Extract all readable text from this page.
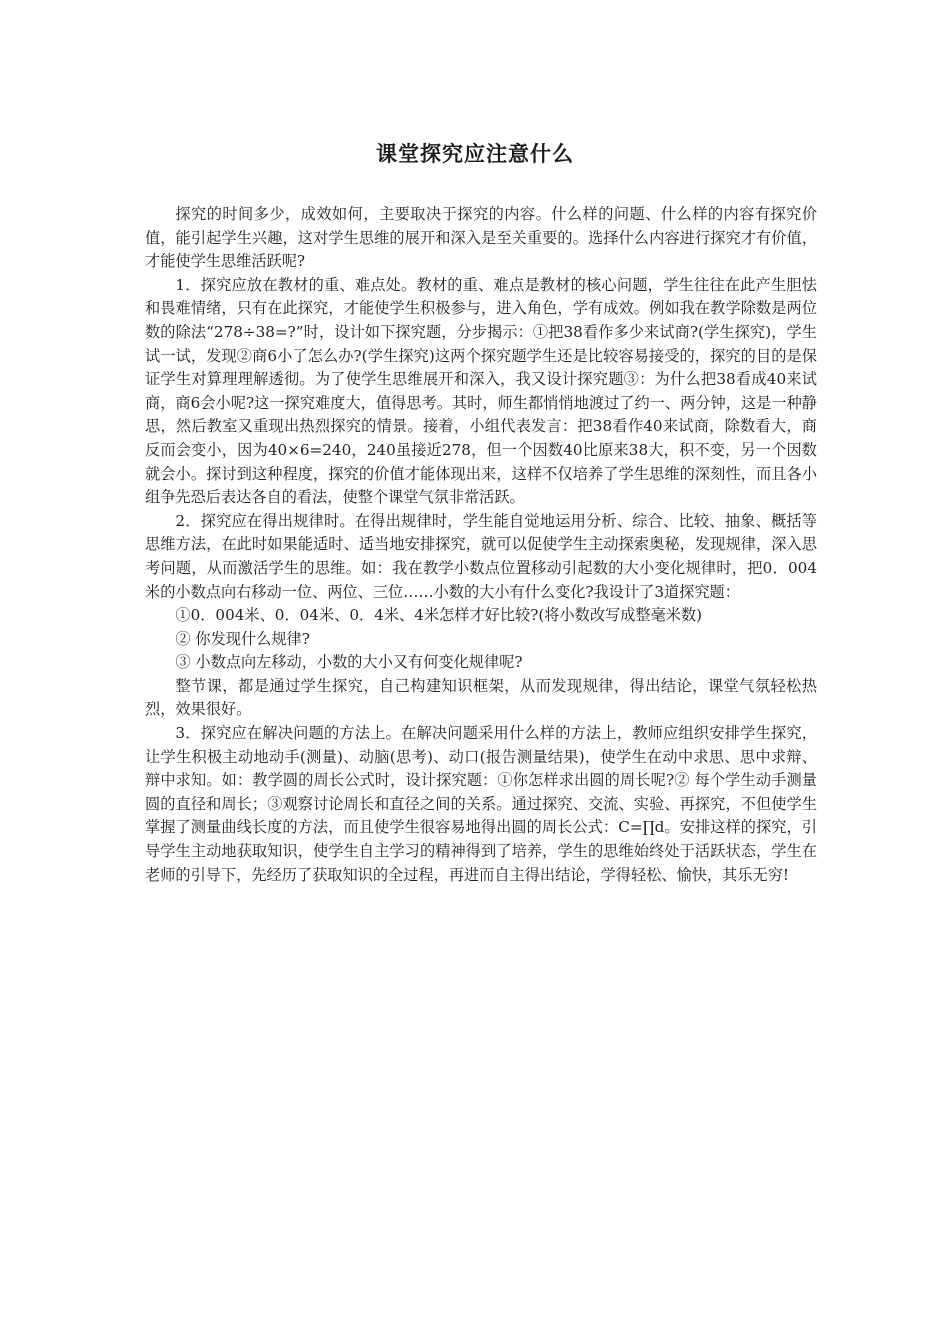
课堂探究应注意什么

探究的时间多少，成效如何，主要取决于探究的内容。什么样的问题、什么样的内容有探究价值，能引起学生兴趣，这对学生思维的展开和深入是至关重要的。选择什么内容进行探究才有价值，才能使学生思维活跃呢?

1．探究应放在教材的重、难点处。教材的重、难点是教材的核心问题，学生往往在此产生胆怯和畏难情绪，只有在此探究，才能使学生积极参与，进入角色，学有成效。例如我在教学除数是两位数的除法“278÷38=?”时，设计如下探究题，分步揭示：①把38看作多少来试商?(学生探究)，学生试一试，发现②商6小了怎么办?(学生探究)这两个探究题学生还是比较容易接受的，探究的目的是保证学生对算理理解透彻。为了使学生思维展开和深入，我又设计探究题③：为什么把38看成40来试商，商6会小呢?这一探究难度大，值得思考。其时，师生都悄悄地渡过了约一、两分钟，这是一种静思，然后教室又重现出热烈探究的情景。接着，小组代表发言：把38看作40来试商，除数看大，商反而会变小，因为40×6=240，240虽接近278，但一个因数40比原来38大，积不变，另一个因数就会小。探讨到这种程度，探究的价值才能体现出来，这样不仅培养了学生思维的深刻性，而且各小组争先恐后表达各自的看法，使整个课堂气氛非常活跃。

2．探究应在得出规律时。在得出规律时，学生能自觉地运用分析、综合、比较、抽象、概括等思维方法，在此时如果能适时、适当地安排探究，就可以促使学生主动探索奥秘，发现规律，深入思考问题，从而激活学生的思维。如：我在教学小数点位置移动引起数的大小变化规律时，把0．004米的小数点向右移动一位、两位、三位……小数的大小有什么变化?我设计了3道探究题：

①0．004米、0．04米、0．4米、4米怎样才好比较?(将小数改写成整毫米数)

② 你发现什么规律?

③ 小数点向左移动，小数的大小又有何变化规律呢?

整节课，都是通过学生探究，自己构建知识框架，从而发现规律，得出结论，课堂气氛轻松热烈，效果很好。

3．探究应在解决问题的方法上。在解决问题采用什么样的方法上，教师应组织安排学生探究，让学生积极主动地动手(测量)、动脑(思考)、动口(报告测量结果)，使学生在动中求思、思中求辩、辩中求知。如：教学圆的周长公式时，设计探究题：①你怎样求出圆的周长呢?② 每个学生动手测量圆的直径和周长；③观察讨论周长和直径之间的关系。通过探究、交流、实验、再探究，不但使学生掌握了测量曲线长度的方法，而且使学生很容易地得出圆的周长公式：C=∏d。安排这样的探究，引导学生主动地获取知识，使学生自主学习的精神得到了培养，学生的思维始终处于活跃状态，学生在老师的引导下，先经历了获取知识的全过程，再进而自主得出结论，学得轻松、愉快，其乐无穷!
